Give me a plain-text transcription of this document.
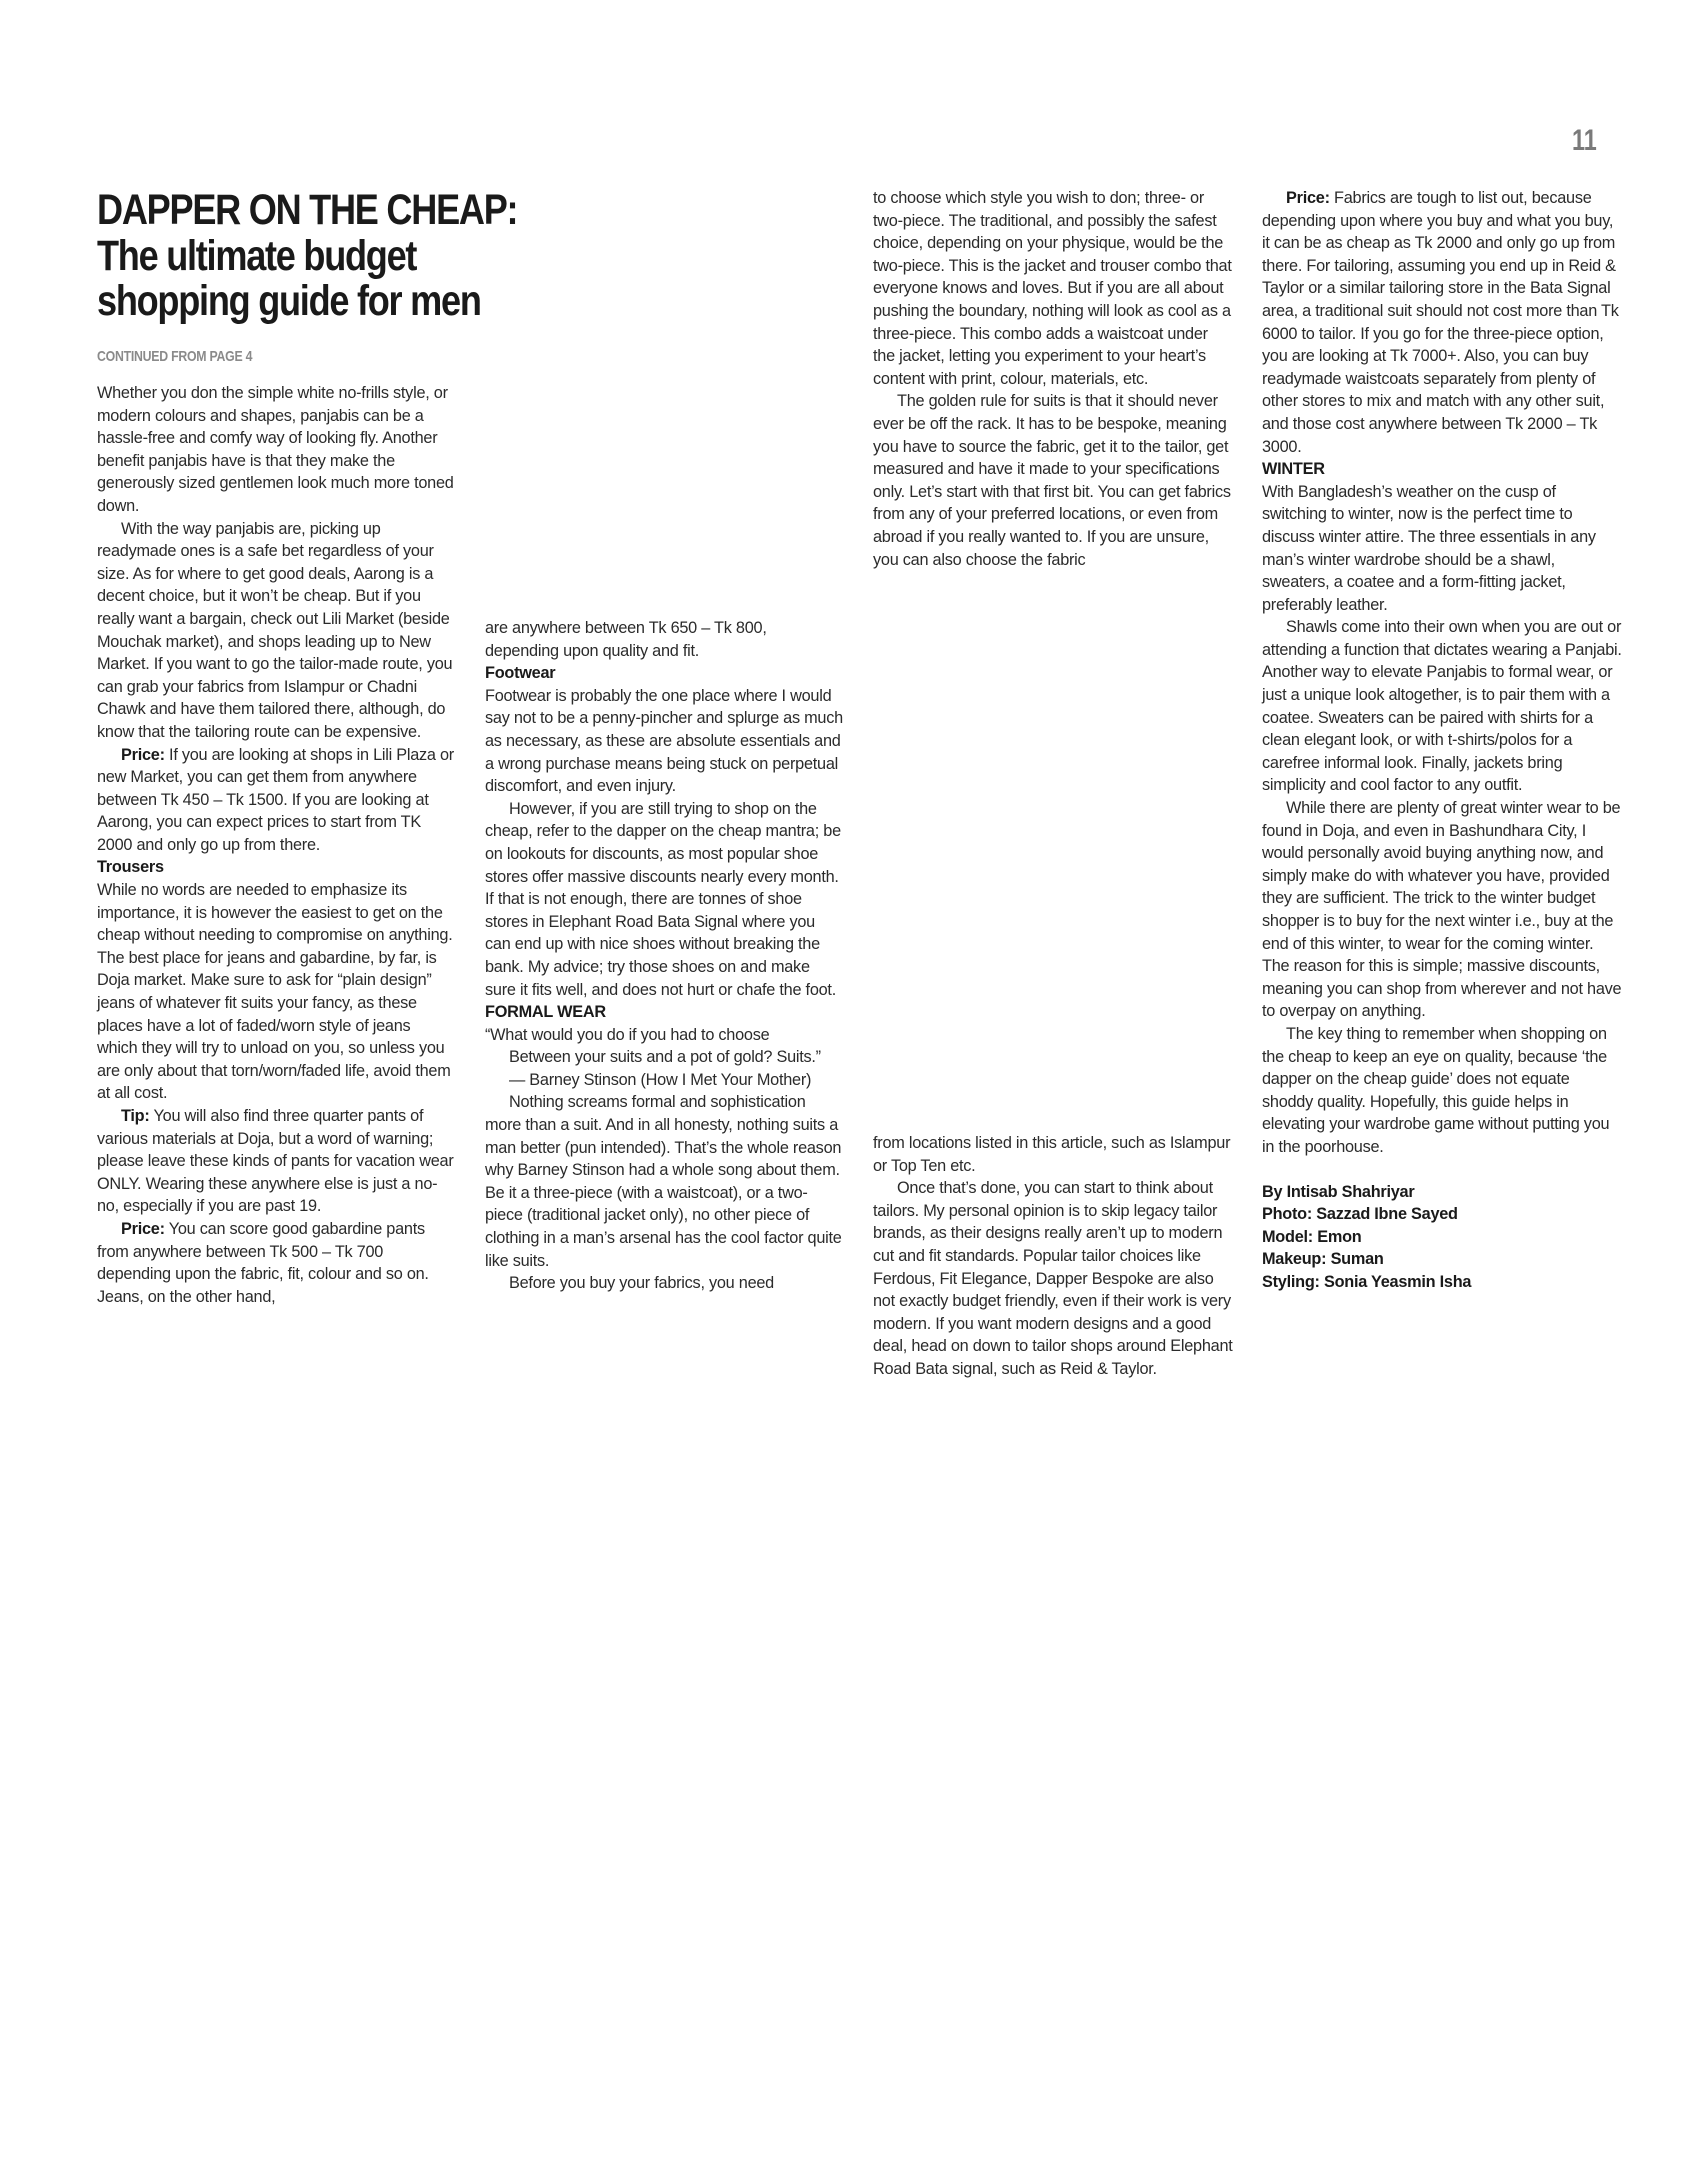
11
DAPPER ON THE CHEAP:
The ultimate budget
shopping guide for men
CONTINUED FROM PAGE 4

Whether you don the simple white no-frills style, or modern colours and shapes, panjabis can be a hassle-free and comfy way of looking fly. Another benefit panjabis have is that they make the generously sized gentlemen look much more toned down.

With the way panjabis are, picking up readymade ones is a safe bet regardless of your size. As for where to get good deals, Aarong is a decent choice, but it won’t be cheap. But if you really want a bargain, check out Lili Market (beside Mouchak market), and shops leading up to New Market. If you want to go the tailor-made route, you can grab your fabrics from Islampur or Chadni Chawk and have them tailored there, although, do know that the tailoring route can be expensive.

Price: If you are looking at shops in Lili Plaza or new Market, you can get them from anywhere between Tk 450 – Tk 1500. If you are looking at Aarong, you can expect prices to start from TK 2000 and only go up from there.

Trousers

While no words are needed to emphasize its importance, it is however the easiest to get on the cheap without needing to compromise on anything. The best place for jeans and gabardine, by far, is Doja market. Make sure to ask for “plain design” jeans of whatever fit suits your fancy, as these places have a lot of faded/worn style of jeans which they will try to unload on you, so unless you are only about that torn/worn/faded life, avoid them at all cost.

Tip: You will also find three quarter pants of various materials at Doja, but a word of warning; please leave these kinds of pants for vacation wear ONLY. Wearing these anywhere else is just a no-no, especially if you are past 19.

Price: You can score good gabardine pants from anywhere between Tk 500 – Tk 700 depending upon the fabric, fit, colour and so on. Jeans, on the other hand,

are anywhere between Tk 650 – Tk 800, depending upon quality and fit.

Footwear

Footwear is probably the one place where I would say not to be a penny-pincher and splurge as much as necessary, as these are absolute essentials and a wrong purchase means being stuck on perpetual discomfort, and even injury.

However, if you are still trying to shop on the cheap, refer to the dapper on the cheap mantra; be on lookouts for discounts, as most popular shoe stores offer massive discounts nearly every month. If that is not enough, there are tonnes of shoe stores in Elephant Road Bata Signal where you can end up with nice shoes without breaking the bank. My advice; try those shoes on and make sure it fits well, and does not hurt or chafe the foot.

FORMAL WEAR

“What would you do if you had to choose

Between your suits and a pot of gold? Suits.”

— Barney Stinson (How I Met Your Mother)

Nothing screams formal and sophistication more than a suit. And in all honesty, nothing suits a man better (pun intended). That’s the whole reason why Barney Stinson had a whole song about them. Be it a three-piece (with a waistcoat), or a two-piece (traditional jacket only), no other piece of clothing in a man’s arsenal has the cool factor quite like suits.

Before you buy your fabrics, you need

to choose which style you wish to don; three- or two-piece. The traditional, and possibly the safest choice, depending on your physique, would be the two-piece. This is the jacket and trouser combo that everyone knows and loves. But if you are all about pushing the boundary, nothing will look as cool as a three-piece. This combo adds a waistcoat under the jacket, letting you experiment to your heart’s content with print, colour, materials, etc.

The golden rule for suits is that it should never ever be off the rack. It has to be bespoke, meaning you have to source the fabric, get it to the tailor, get measured and have it made to your specifications only. Let’s start with that first bit. You can get fabrics from any of your preferred locations, or even from abroad if you really wanted to. If you are unsure, you can also choose the fabric

from locations listed in this article, such as Islampur or Top Ten etc.

Once that’s done, you can start to think about tailors. My personal opinion is to skip legacy tailor brands, as their designs really aren’t up to modern cut and fit standards. Popular tailor choices like Ferdous, Fit Elegance, Dapper Bespoke are also not exactly budget friendly, even if their work is very modern. If you want modern designs and a good deal, head on down to tailor shops around Elephant Road Bata signal, such as Reid & Taylor.

Price: Fabrics are tough to list out, because depending upon where you buy and what you buy, it can be as cheap as Tk 2000 and only go up from there. For tailoring, assuming you end up in Reid & Taylor or a similar tailoring store in the Bata Signal area, a traditional suit should not cost more than Tk 6000 to tailor. If you go for the three-piece option, you are looking at Tk 7000+. Also, you can buy readymade waistcoats separately from plenty of other stores to mix and match with any other suit, and those cost anywhere between Tk 2000 – Tk 3000.

WINTER

With Bangladesh’s weather on the cusp of switching to winter, now is the perfect time to discuss winter attire. The three essentials in any man’s winter wardrobe should be a shawl, sweaters, a coatee and a form-fitting jacket, preferably leather.

Shawls come into their own when you are out or attending a function that dictates wearing a Panjabi. Another way to elevate Panjabis to formal wear, or just a unique look altogether, is to pair them with a coatee. Sweaters can be paired with shirts for a clean elegant look, or with t-shirts/polos for a carefree informal look. Finally, jackets bring simplicity and cool factor to any outfit.

While there are plenty of great winter wear to be found in Doja, and even in Bashundhara City, I would personally avoid buying anything now, and simply make do with whatever you have, provided they are sufficient. The trick to the winter budget shopper is to buy for the next winter i.e., buy at the end of this winter, to wear for the coming winter. The reason for this is simple; massive discounts, meaning you can shop from wherever and not have to overpay on anything.

The key thing to remember when shopping on the cheap to keep an eye on quality, because ‘the dapper on the cheap guide’ does not equate shoddy quality. Hopefully, this guide helps in elevating your wardrobe game without putting you in the poorhouse.

By Intisab Shahriyar

Photo: Sazzad Ibne Sayed

Model: Emon

Makeup: Suman

Styling: Sonia Yeasmin Isha
